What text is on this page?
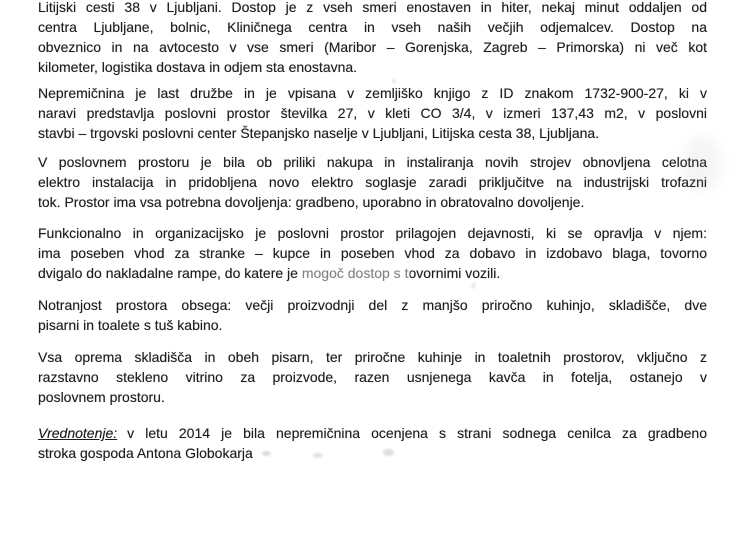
Litijski cesti 38 v Ljubljani. Dostop je z vseh smeri enostaven in hiter, nekaj minut oddaljen od
centra Ljubljane, bolnic, Kliničnega centra in vseh naših večjih odjemalcev. Dostop na
obveznico in na avtocesto v vse smeri (Maribor – Gorenjska, Zagreb – Primorska) ni več kot
kilometer, logistika dostava in odjem sta enostavna.
Nepremičnina je last družbe in je vpisana v zemljiško knjigo z ID znakom 1732-900-27, ki v
naravi predstavlja poslovni prostor številka 27, v kleti CO 3/4, v izmeri 137,43 m2, v poslovni
stavbi – trgovski poslovni center Štepanjsko naselje v Ljubljani, Litijska cesta 38, Ljubljana.
V poslovnem prostoru je bila ob priliki nakupa in instaliranja novih strojev obnovljena celotna
elektro instalacija in pridobljena novo elektro soglasje zaradi priključitve na industrijski trofazni
tok. Prostor ima vsa potrebna dovoljenja: gradbeno, uporabno in obratovalno dovoljenje.
Funkcionalno in organizacijsko je poslovni prostor prilagojen dejavnosti, ki se opravlja v njem:
ima poseben vhod za stranke – kupce in poseben vhod za dobavo in izdobavo blaga, tovorno
dvigalo do nakladalne rampe, do katere je mogoč dostop s tovornimi vozili.
Notranjost prostora obsega: večji proizvodnji del z manjšo priročno kuhinjo, skladišče, dve
pisarni in toalete s tuš kabino.
Vsa oprema skladišča in obeh pisarn, ter priročne kuhinje in toaletnih prostorov, vključno z
razstavno stekleno vitrino za proizvode, razen usnjenega kavča in fotelja, ostanejo v
poslovnem prostoru.
Vrednotenje: v letu 2014 je bila nepremičnina ocenjena s strani sodnega cenilca za gradbeno
stroka gospoda Antona Globokarja
